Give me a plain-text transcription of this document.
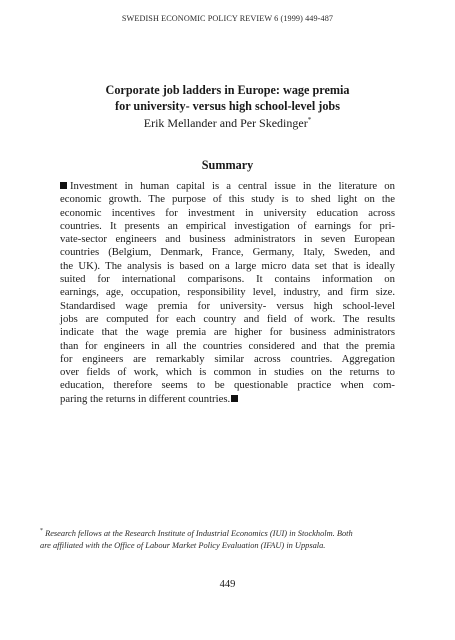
SWEDISH ECONOMIC POLICY REVIEW 6 (1999) 449-487
Corporate job ladders in Europe: wage premia
for university- versus high school-level jobs
Erik Mellander and Per Skedinger*
Summary
Investment in human capital is a central issue in the literature on
economic growth. The purpose of this study is to shed light on the
economic incentives for investment in university education across
countries. It presents an empirical investigation of earnings for pri-
vate-sector engineers and business administrators in seven European
countries (Belgium, Denmark, France, Germany, Italy, Sweden, and
the UK). The analysis is based on a large micro data set that is ideally
suited for international comparisons. It contains information on
earnings, age, occupation, responsibility level, industry, and firm size.
Standardised wage premia for university- versus high school-level
jobs are computed for each country and field of work. The results
indicate that the wage premia are higher for business administrators
than for engineers in all the countries considered and that the premia
for engineers are remarkably similar across countries. Aggregation
over fields of work, which is common in studies on the returns to
education, therefore seems to be questionable practice when com-
paring the returns in different countries.
* Research fellows at the Research Institute of Industrial Economics (IUI) in Stockholm. Both
are affiliated with the Office of Labour Market Policy Evaluation (IFAU) in Uppsala.
449
